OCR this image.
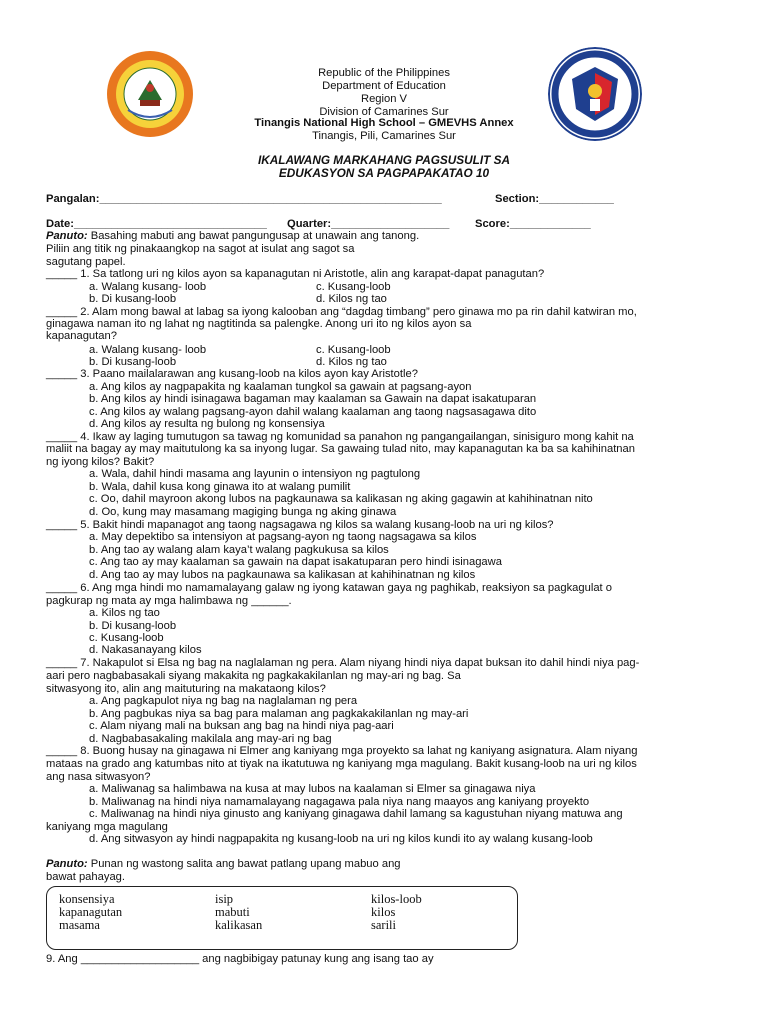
Republic of the Philippines
Department of Education
Region V
Division of Camarines Sur
Tinangis National High School – GMEVHS Annex
Tinangis, Pili, Camarines Sur
IKALAWANG MARKAHANG PAGSUSULIT SA
EDUKASYON SA PAGPAPAKATAO 10
Pangalan:_______________________________________________________	Section:____________
Date:_______________________________ Quarter:___________________ Score:_____________
Panuto: Basahing mabuti ang bawat pangungusap at unawain ang tanong.
Piliin ang titik ng pinakaangkop na sagot at isulat ang sagot sa
sagutang papel.
_____ 1. Sa tatlong uri ng kilos ayon sa kapanagutan ni Aristotle, alin ang karapat-dapat panagutan?
a. Walang kusang- loob	c. Kusang-loob
b. Di kusang-loob	d. Kilos ng tao
_____ 2. Alam mong bawal at labag sa iyong kalooban ang “dagdag timbang” pero ginawa mo pa rin dahil katwiran mo,
ginagawa naman ito ng lahat ng nagtitinda sa palengke. Anong uri ito ng kilos ayon sa
kapanagutan?
a. Walang kusang- loob	c. Kusang-loob
b. Di kusang-loob	d. Kilos ng tao
_____ 3. Paano mailalarawan ang kusang-loob na kilos ayon kay Aristotle?
a. Ang kilos ay nagpapakita ng kaalaman tungkol sa gawain at pagsang-ayon
b. Ang kilos ay hindi isinagawa bagaman may kaalaman sa Gawain na dapat isakatuparan
c. Ang kilos ay walang pagsang-ayon dahil walang kaalaman ang taong nagsasagawa dito
d. Ang kilos ay resulta ng bulong ng konsensiya
_____ 4. Ikaw ay laging tumutugon sa tawag ng komunidad sa panahon ng pangangailangan, sinisiguro mong kahit na
maliit na bagay ay may maitutulong ka sa inyong lugar. Sa gawaing tulad nito, may kapanagutan ka ba sa kahihinatnan
ng iyong kilos? Bakit?
a. Wala, dahil hindi masama ang layunin o intensiyon ng pagtulong
b. Wala, dahil kusa kong ginawa ito at walang pumilit
c. Oo, dahil mayroon akong lubos na pagkaunawa sa kalikasan ng aking gagawin at kahihinatnan nito
d. Oo, kung may masamang magiging bunga ng aking ginawa
_____ 5. Bakit hindi mapanagot ang taong nagsagawa ng kilos sa walang kusang-loob na uri ng kilos?
a. May depektibo sa intensiyon at pagsang-ayon ng taong nagsagawa sa kilos
b. Ang tao ay walang alam kaya’t walang pagkukusa sa kilos
c. Ang tao ay may kaalaman sa gawain na dapat isakatuparan pero hindi isinagawa
d. Ang tao ay may lubos na pagkaunawa sa kalikasan at kahihinatnan ng kilos
_____ 6. Ang mga hindi mo namamalayang galaw ng iyong katawan gaya ng paghikab, reaksiyon sa pagkagulat o
pagkurap ng mata ay mga halimbawa ng ______.
a. Kilos ng tao
b. Di kusang-loob
c. Kusang-loob
d. Nakasanayang kilos
_____ 7. Nakapulot si Elsa ng bag na naglalaman ng pera. Alam niyang hindi niya dapat buksan ito dahil hindi niya pag-
aari pero nagbabasakali siyang makakita ng pagkakakilanlan ng may-ari ng bag. Sa
sitwasyong ito, alin ang maituturing na makataong kilos?
a. Ang pagkapulot niya ng bag na naglalaman ng pera
b. Ang pagbukas niya sa bag para malaman ang pagkakakilanlan ng may-ari
c. Alam niyang mali na buksan ang bag na hindi niya pag-aari
d. Nagbabasakaling makilala ang may-ari ng bag
_____ 8. Buong husay na ginagawa ni Elmer ang kaniyang mga proyekto sa lahat ng kaniyang asignatura. Alam niyang
mataas na grado ang katumbas nito at tiyak na ikatutuwa ng kaniyang mga magulang. Bakit kusang-loob na uri ng kilos
ang nasa sitwasyon?
a. Maliwanag sa halimbawa na kusa at may lubos na kaalaman si Elmer sa ginagawa niya
b. Maliwanag na hindi niya namamalayang nagagawa pala niya nang maayos ang kaniyang proyekto
c. Maliwanag na hindi niya ginusto ang kaniyang ginagawa dahil lamang sa kagustuhan niyang matuwa ang
kaniyang mga magulang
d. Ang sitwasyon ay hindi nagpapakita ng kusang-loob na uri ng kilos kundi ito ay walang kusang-loob
Panuto: Punan ng wastong salita ang bawat patlang upang mabuo ang
bawat pahayag.
konsensiya	isip	kilos-loob
kapanagutan	mabuti	kilos
masama	kalikasan	sarili
9. Ang ___________________ ang nagbibigay patunay kung ang isang tao ay
